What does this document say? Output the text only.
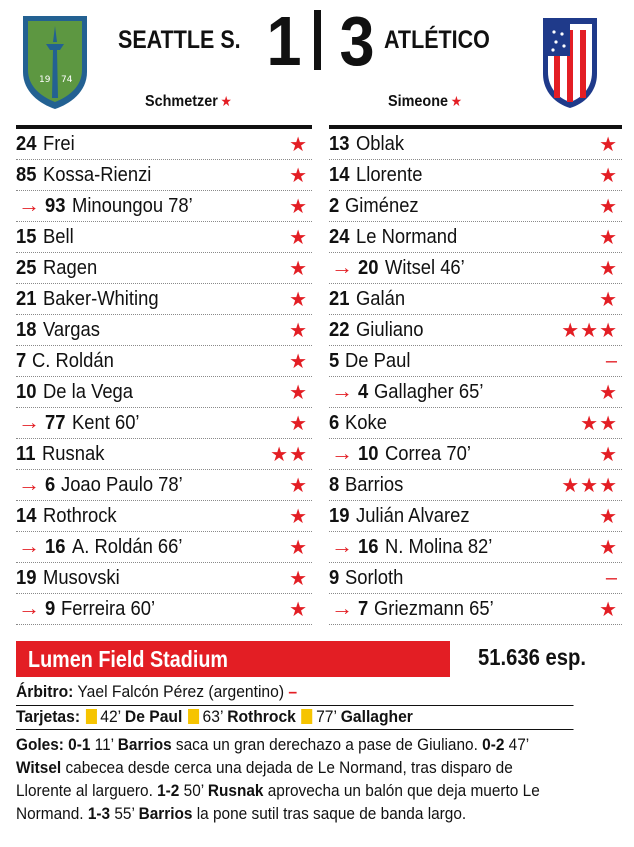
19 74
SEATTLE S. 1 3 ATLÉTICO
Schmetzer ★	Simeone ★
24 Frei	★
85 Kossa-Rienzi	★
→ 93 Minoungou 78’	★
15 Bell	★
25 Ragen	★
21 Baker-Whiting	★
18 Vargas	★
7 C. Roldán	★
10 De la Vega	★
→ 77 Kent 60’	★
11 Rusnak	★★
→ 6 Joao Paulo 78’	★
14 Rothrock	★
→ 16 A. Roldán 66’	★
19 Musovski	★
→ 9 Ferreira 60’	★
13 Oblak	★
14 Llorente	★
2 Giménez	★
24 Le Normand	★
→ 20 Witsel 46’	★
21 Galán	★
22 Giuliano	★★★
5 De Paul	–
→ 4 Gallagher 65’	★
6 Koke	★★
→ 10 Correa 70’	★
8 Barrios	★★★
19 Julián Alvarez	★
→ 16 N. Molina 82’	★
9 Sorloth	–
→ 7 Griezmann 65’	★
Lumen Field Stadium	51.636 esp.
Árbitro: Yael Falcón Pérez (argentino) –
Tarjetas: 42’ De Paul 63’ Rothrock 77’ Gallagher
Goles: 0-1 11’ Barrios saca un gran derechazo a pase de Giuliano. 0-2 47’
Witsel cabecea desde cerca una dejada de Le Normand, tras disparo de
Llorente al larguero. 1-2 50’ Rusnak aprovecha un balón que deja muerto Le
Normand. 1-3 55’ Barrios la pone sutil tras saque de banda largo.
